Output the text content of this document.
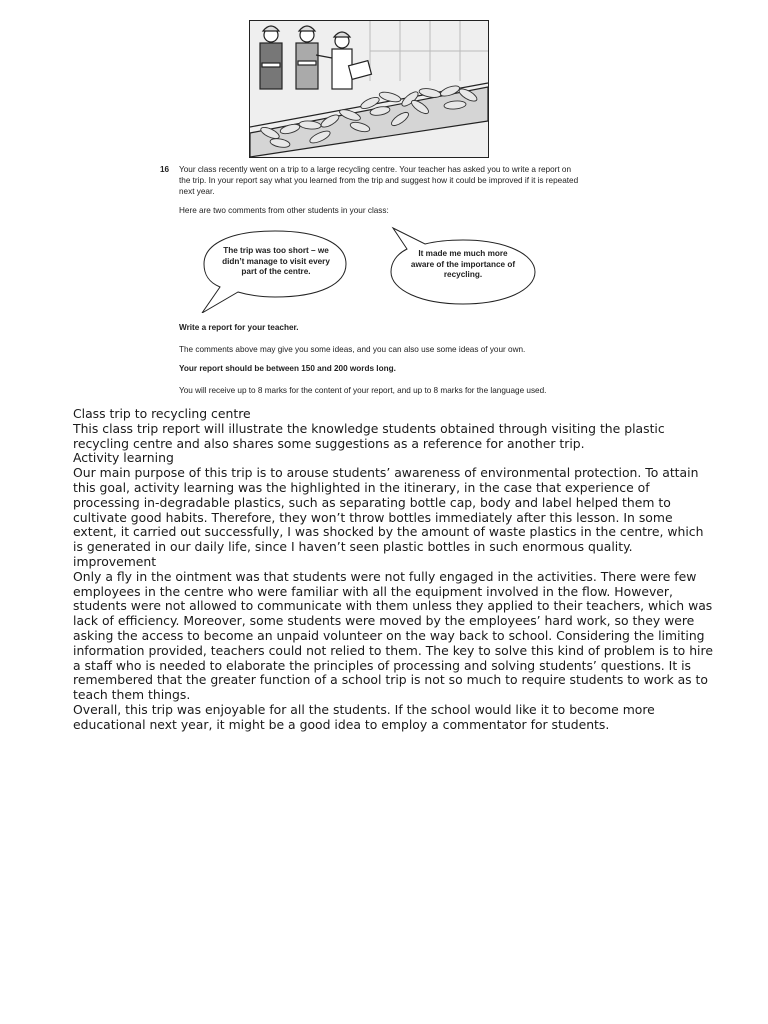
16 Your class recently went on a trip to a large recycling centre. Your teacher has asked you to write a report on the trip. In your report say what you learned from the trip and suggest how it could be improved if it is repeated next year.
Here are two comments from other students in your class:
The trip was too short – we didn’t manage to visit every part of the centre.
It made me much more aware of the importance of recycling.
Write a report for your teacher.
The comments above may give you some ideas, and you can also use some ideas of your own.
Your report should be between 150 and 200 words long.
You will receive up to 8 marks for the content of your report, and up to 8 marks for the language used.

Class trip to recycling centre

This class trip report will illustrate the knowledge students obtained through visiting the plastic recycling centre and also shares some suggestions as a reference for another trip.

Activity learning

Our main purpose of this trip is to arouse students’ awareness of environmental protection. To attain this goal, activity learning was the highlighted in the itinerary, in the case that experience of processing in-degradable plastics, such as separating bottle cap, body and label helped them to cultivate good habits. Therefore, they won’t throw bottles immediately after this lesson. In some extent, it carried out successfully, I was shocked by the amount of waste plastics in the centre, which is generated in our daily life, since I haven’t seen plastic bottles in such enormous quality.

improvement

Only a fly in the ointment was that students were not fully engaged in the activities. There were few employees in the centre who were familiar with all the equipment involved in the flow. However, students were not allowed to communicate with them unless they applied to their teachers, which was lack of efficiency. Moreover, some students were moved by the employees’ hard work, so they were asking the access to become an unpaid volunteer on the way back to school. Considering the limiting information provided, teachers could not relied to them. The key to solve this kind of problem is to hire a staff who is needed to elaborate the principles of processing and solving students’ questions. It is remembered that the greater function of a school trip is not so much to require students to work as to teach them things.

Overall, this trip was enjoyable for all the students. If the school would like it to become more educational next year, it might be a good idea to employ a commentator for students.
